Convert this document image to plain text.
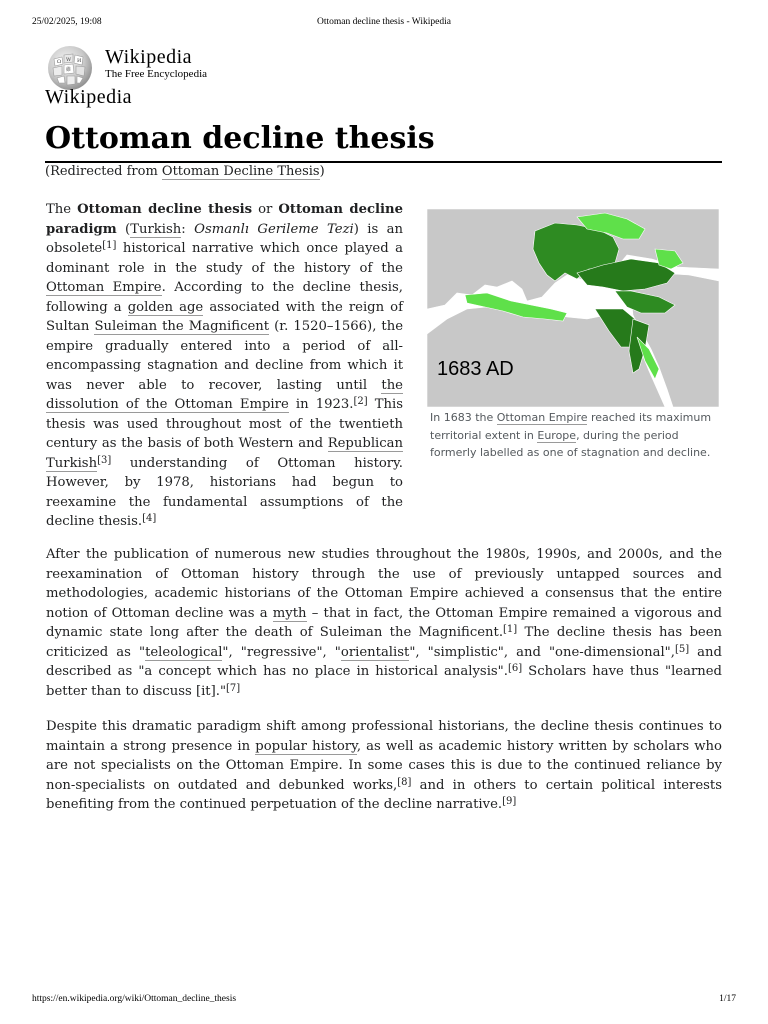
25/02/2025, 19:08	Ottoman decline thesis - Wikipedia
Ω W И
維
Wikipedia
The Free Encyclopedia
Wikipedia
Ottoman decline thesis
(Redirected from Ottoman Decline Thesis)

The Ottoman decline thesis or Ottoman decline paradigm (Turkish: Osmanlı Gerileme Tezi) is an obsolete[1] historical narrative which once played a dominant role in the study of the history of the Ottoman Empire. According to the decline thesis, following a golden age associated with the reign of Sultan Suleiman the Magnificent (r. 1520–1566), the empire gradually entered into a period of all-encompassing stagnation and decline from which it was never able to recover, lasting until the dissolution of the Ottoman Empire in 1923.[2] This thesis was used throughout most of the twentieth century as the basis of both Western and Republican Turkish[3] understanding of Ottoman history. However, by 1978, historians had begun to reexamine the fundamental assumptions of the decline thesis.[4]

1683 AD

In 1683 the Ottoman Empire reached its maximum territorial extent in Europe, during the period formerly labelled as one of stagnation and decline.

After the publication of numerous new studies throughout the 1980s, 1990s, and 2000s, and the reexamination of Ottoman history through the use of previously untapped sources and methodologies, academic historians of the Ottoman Empire achieved a consensus that the entire notion of Ottoman decline was a myth – that in fact, the Ottoman Empire remained a vigorous and dynamic state long after the death of Suleiman the Magnificent.[1] The decline thesis has been criticized as "teleological", "regressive", "orientalist", "simplistic", and "one-dimensional",[5] and described as "a concept which has no place in historical analysis".[6] Scholars have thus "learned better than to discuss [it]."[7]

Despite this dramatic paradigm shift among professional historians, the decline thesis continues to maintain a strong presence in popular history, as well as academic history written by scholars who are not specialists on the Ottoman Empire. In some cases this is due to the continued reliance by non-specialists on outdated and debunked works,[8] and in others to certain political interests benefiting from the continued perpetuation of the decline narrative.[9]

https://en.wikipedia.org/wiki/Ottoman_decline_thesis	1/17
